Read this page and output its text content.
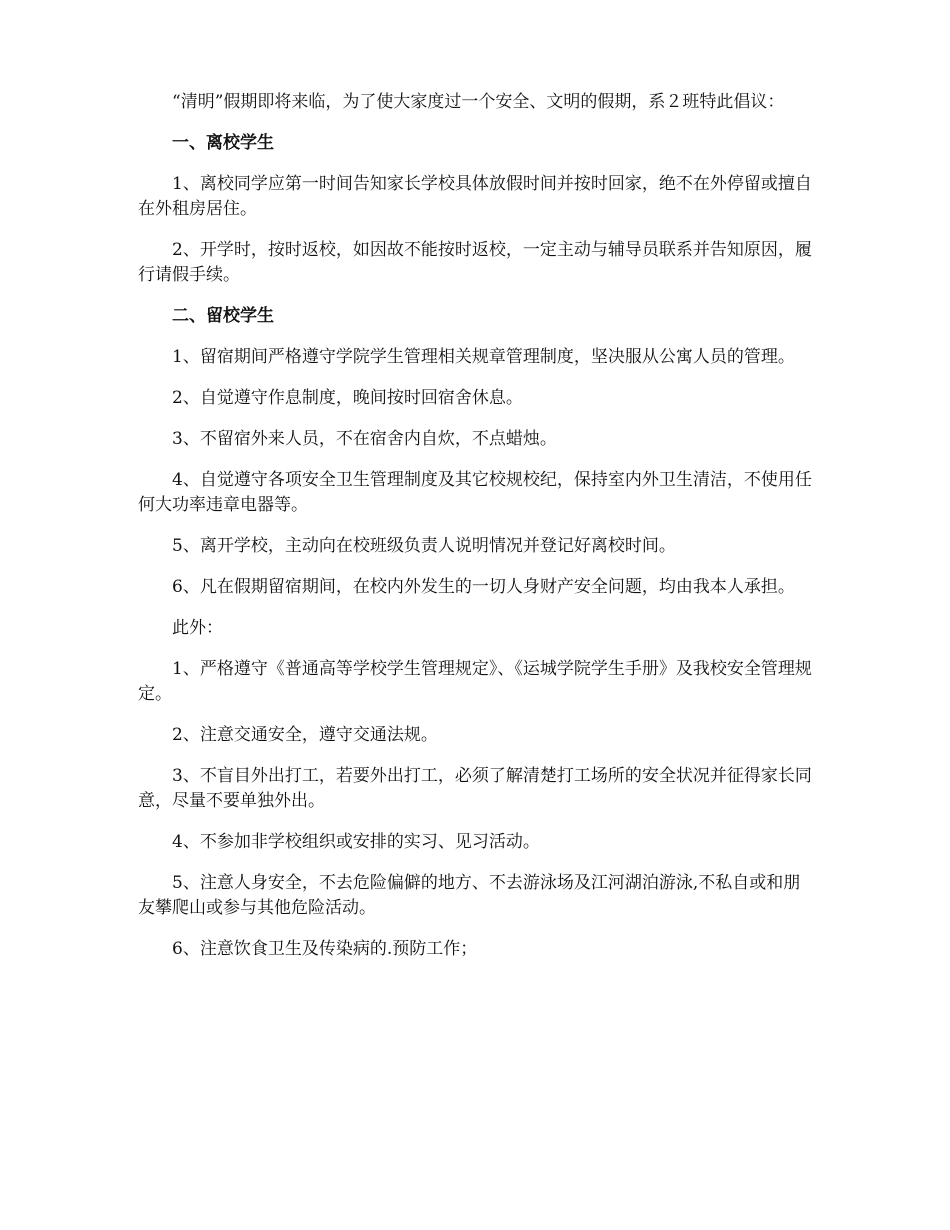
“清明”假期即将来临，为了使大家度过一个安全、文明的假期，系２班特此倡议：

一、离校学生

1、离校同学应第一时间告知家长学校具体放假时间并按时回家，绝不在外停留或擅自在外租房居住。

2、开学时，按时返校，如因故不能按时返校，一定主动与辅导员联系并告知原因，履行请假手续。

二、留校学生

1、留宿期间严格遵守学院学生管理相关规章管理制度，坚决服从公寓人员的管理。

2、自觉遵守作息制度，晚间按时回宿舍休息。

3、不留宿外来人员，不在宿舍内自炊，不点蜡烛。

4、自觉遵守各项安全卫生管理制度及其它校规校纪，保持室内外卫生清洁，不使用任何大功率违章电器等。

5、离开学校，主动向在校班级负责人说明情况并登记好离校时间。

6、凡在假期留宿期间，在校内外发生的一切人身财产安全问题，均由我本人承担。

此外：

1、严格遵守《普通高等学校学生管理规定》、《运城学院学生手册》及我校安全管理规定。

2、注意交通安全，遵守交通法规。

3、不盲目外出打工，若要外出打工，必须了解清楚打工场所的安全状况并征得家长同意，尽量不要单独外出。

4、不参加非学校组织或安排的实习、见习活动。

5、注意人身安全，不去危险偏僻的地方、不去游泳场及江河湖泊游泳,不私自或和朋友攀爬山或参与其他危险活动。

6、注意饮食卫生及传染病的.预防工作；
